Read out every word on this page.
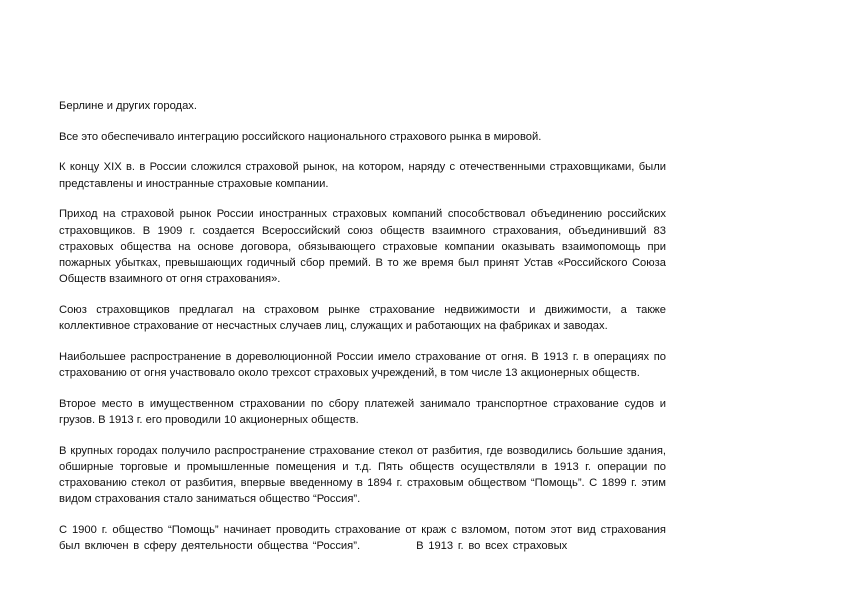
Берлине и других городах.

Все это обеспечивало интеграцию российского национального страхового рынка в мировой.

К концу XIX в. в России сложился страховой рынок, на котором, наряду с отечественными страховщиками, были представлены и иностранные страховые компании.

Приход на страховой рынок России иностранных страховых компаний способствовал объединению российских страховщиков. В 1909 г. создается Всероссийский союз обществ взаимного страхования, объединивший 83 страховых общества на основе договора, обязывающего страховые компании оказывать взаимопомощь при пожарных убытках, превышающих годичный сбор премий. В то же время был принят Устав «Российского Союза Обществ взаимного от огня страхования».

Союз страховщиков предлагал на страховом рынке страхование недвижимости и движимости, а также коллективное страхование от несчастных случаев лиц, служащих и работающих на фабриках и заводах.

Наибольшее распространение в дореволюционной России имело страхование от огня. В 1913 г. в операциях по страхованию от огня участвовало около трехсот страховых учреждений, в том числе 13 акционерных обществ.

Второе место в имущественном страховании по сбору платежей занимало транспортное страхование судов и грузов. В 1913 г. его проводили 10 акционерных обществ.

В крупных городах получило распространение страхование стекол от разбития, где возводились большие здания, обширные торговые и промышленные помещения и т.д. Пять обществ осуществляли в 1913 г. операции по страхованию стекол от разбития, впервые введенному в 1894 г. страховым обществом “Помощь”. С 1899 г. этим видом страхования стало заниматься общество “Россия”.

С 1900 г. общество “Помощь” начинает проводить страхование от краж с взломом, потом этот вид страхования был включен в сферу деятельности общества “Россия”.	В 1913 г. во всех страховых
